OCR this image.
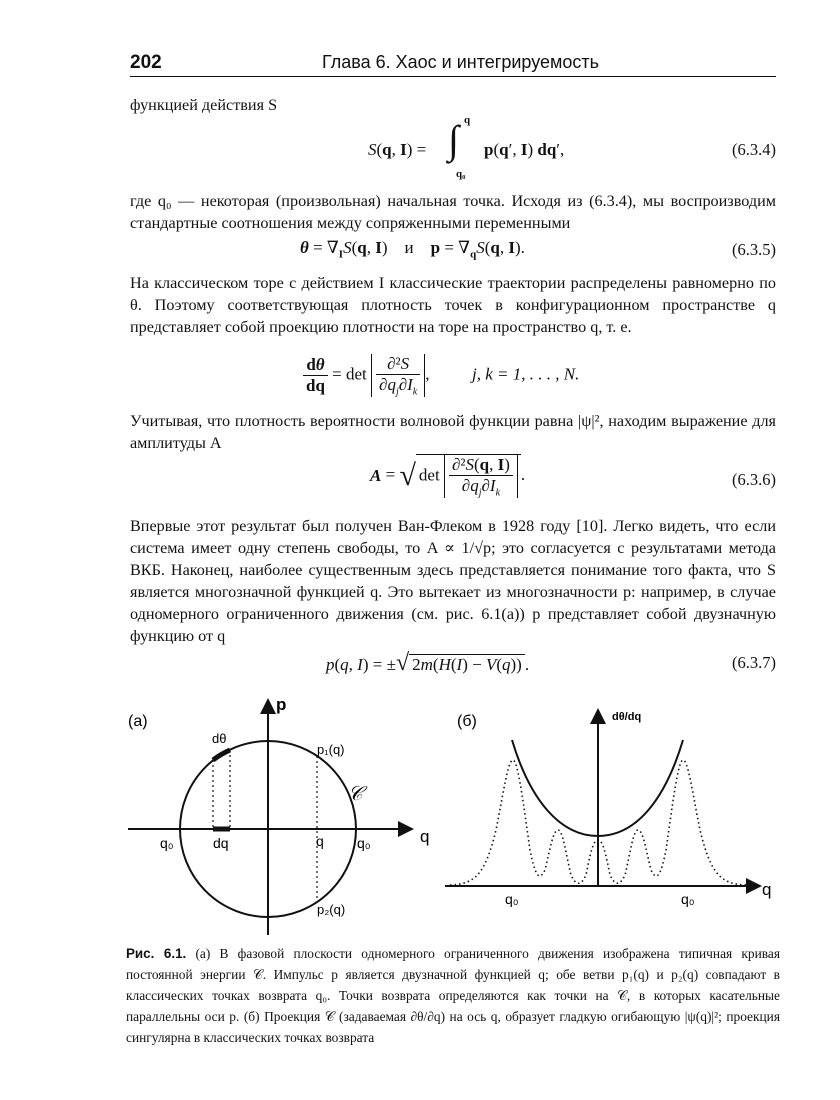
202	Глава 6. Хаос и интегрируемость

функцией действия S

S(q, I) = ∫ q
q₀
p(q′, I) dq′,	(6.3.4)

где q₀ — некоторая (произвольная) начальная точка. Исходя из (6.3.4), мы воспроизводим стандартные соотношения между сопряженными переменными

$\theta = \nabla_IS(q$, I)    и $p = \nabla_qS(q$, I).	(6.3.5)

На классическом торе с действием I классические траектории распределены равномерно по θ. Поэтому соответствующая плотность точек в конфигурационном пространстве q представляет собой проекцию плотности на торе на пространство q, т. е.

$\frac{d\theta}{dq} = \det \frac{\text{∂²S}}{\partial q_j\partial I_k}$ ,  j, k = 1, . . . , N.

Учитывая, что плотность вероятности волновой функции равна |ψ|², находим выражение для амплитуды A

A = √ $\det \frac{\text{∂²S(q, I)}}{\partial q_j\partial I_k}$ .	(6.3.6)

Впервые этот результат был получен Ван-Флеком в 1928 году [10]. Легко видеть, что если система имеет одну степень свободы, то A ∝ 1/√p; это согласуется с результатами метода ВКБ. Наконец, наиболее существенным здесь представляется понимание того факта, что S является многозначной функцией q. Это вытекает из многозначности p: например, в случае одномерного ограниченного движения (см. рис. 6.1(a)) p представляет собой двузначную функцию от q

p(q, I) = ±√ 2m(H(I) − V(q)) .	(6.3.7)
(a)
p
q
dθ
p₁(q)
p₂(q)
𝒞
q₀	dq	q q₀
(б)	dθ/dq
q
q₀	q₀
Рис. 6.1. (a) В фазовой плоскости одномерного ограниченного движения изображена типичная кривая постоянной энергии 𝒞. Импульс p является двузначной функцией q; обе ветви p₁(q) и p₂(q) совпадают в классических точках возврата q₀. Точки возврата определяются как точки на 𝒞, в которых касательные параллельны оси p. (б) Проекция 𝒞 (задаваемая ∂θ/∂q) на ось q, образует гладкую огибающую |ψ(q)|²; проекция сингулярна в классических точках возврата
